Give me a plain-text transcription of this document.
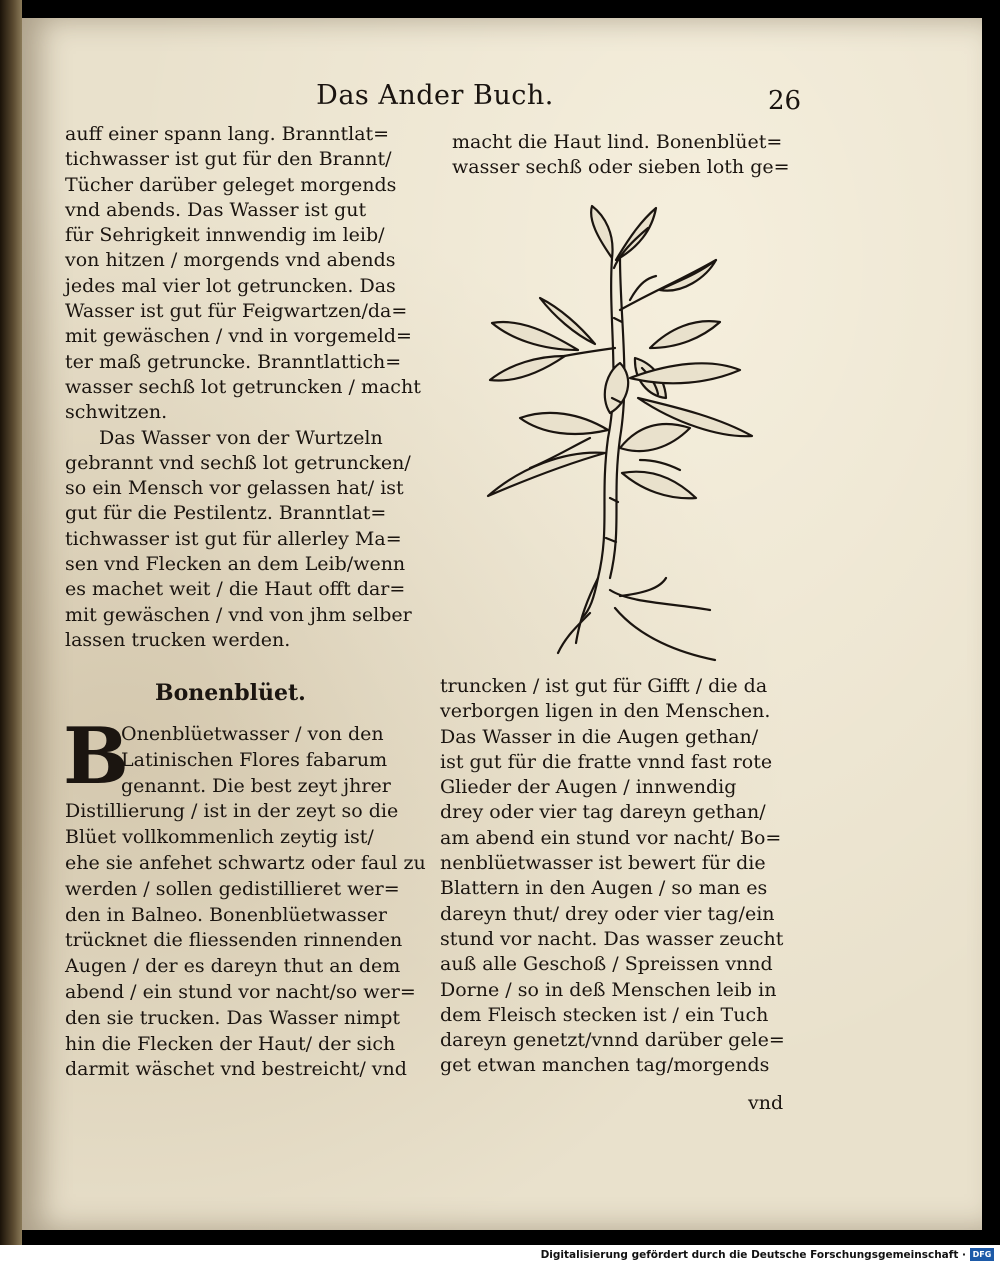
Das Ander Buch.	26
auff einer spann lang. Branntlat=
tichwasser ist gut für den Brannt/
Tücher darüber geleget morgends
vnd abends. Das Wasser ist gut
für Sehrigkeit innwendig im leib/
von hitzen / morgends vnd abends
jedes mal vier lot getruncken. Das
Wasser ist gut für Feigwartzen/da=
mit gewäschen / vnd in vorgemeld=
ter maß getruncke. Branntlattich=
wasser sechß lot getruncken / macht
schwitzen.
Das Wasser von der Wurtzeln
gebrannt vnd sechß lot getruncken/
so ein Mensch vor gelassen hat/ ist
gut für die Pestilentz. Branntlat=
tichwasser ist gut für allerley Ma=
sen vnd Flecken an dem Leib/wenn
es machet weit / die Haut offt dar=
mit gewäschen / vnd von jhm selber
lassen trucken werden.
Bonenblüet.
B
Onenblüetwasser / von den
Latinischen Flores fabarum
genannt. Die best zeyt jhrer
Distillierung / ist in der zeyt so die
Blüet vollkommenlich zeytig ist/
ehe sie anfehet schwartz oder faul zu
werden / sollen gedistillieret wer=
den in Balneo. Bonenblüetwasser
trücknet die fliessenden rinnenden
Augen / der es dareyn thut an dem
abend / ein stund vor nacht/so wer=
den sie trucken. Das Wasser nimpt
hin die Flecken der Haut/ der sich
darmit wäschet vnd bestreicht/ vnd
macht die Haut lind. Bonenblüet=
wasser sechß oder sieben loth ge=
truncken / ist gut für Gifft / die da
verborgen ligen in den Menschen.
Das Wasser in die Augen gethan/
ist gut für die fratte vnnd fast rote
Glieder der Augen / innwendig
drey oder vier tag dareyn gethan/
am abend ein stund vor nacht/ Bo=
nenblüetwasser ist bewert für die
Blattern in den Augen / so man es
dareyn thut/ drey oder vier tag/ein
stund vor nacht. Das wasser zeucht
auß alle Geschoß / Spreissen vnnd
Dorne / so in deß Menschen leib in
dem Fleisch stecken ist / ein Tuch
dareyn genetzt/vnnd darüber gele=
get etwan manchen tag/morgends
vnd
Digitalisierung gefördert durch die Deutsche Forschungsgemeinschaft · DFG
